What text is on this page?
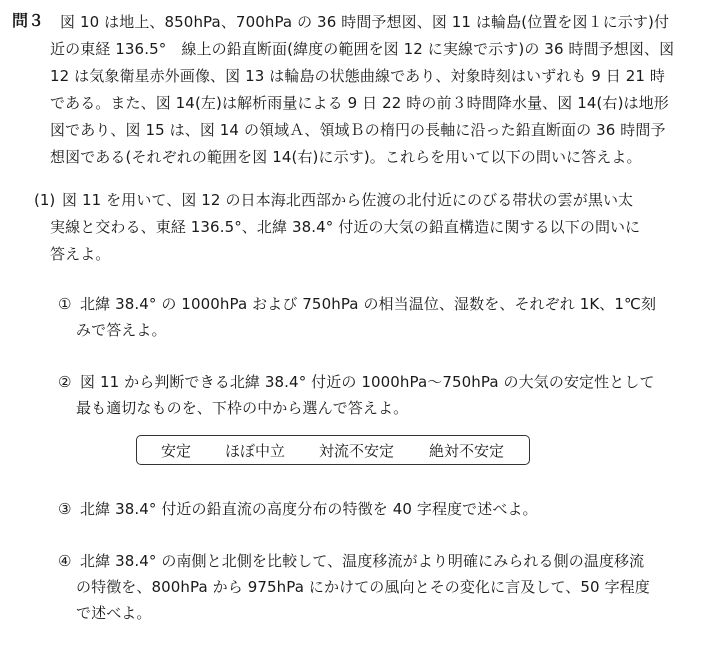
問３ 図 10 は地上、850hPa、700hPa の 36 時間予想図、図 11 は輪島(位置を図１に示す)付
近の東経 136.5°　線上の鉛直断面(緯度の範囲を図 12 に実線で示す)の 36 時間予想図、図
12 は気象衛星赤外画像、図 13 は輪島の状態曲線であり、対象時刻はいずれも 9 日 21 時
である。また、図 14(左)は解析雨量による 9 日 22 時の前３時間降水量、図 14(右)は地形
図であり、図 15 は、図 14 の領域Ａ、領域Ｂの楕円の長軸に沿った鉛直断面の 36 時間予
想図である(それぞれの範囲を図 14(右)に示す)。これらを用いて以下の問いに答えよ。
(1) 図 11 を用いて、図 12 の日本海北西部から佐渡の北付近にのびる帯状の雲が黒い太
実線と交わる、東経 136.5°、北緯 38.4° 付近の大気の鉛直構造に関する以下の問いに
答えよ。
① 北緯 38.4° の 1000hPa および 750hPa の相当温位、湿数を、それぞれ 1K、1℃刻
みで答えよ。
② 図 11 から判断できる北緯 38.4° 付近の 1000hPa～750hPa の大気の安定性として
最も適切なものを、下枠の中から選んで答えよ。
安定 ほぼ中立 対流不安定 絶対不安定
③ 北緯 38.4° 付近の鉛直流の高度分布の特徴を 40 字程度で述べよ。
④ 北緯 38.4° の南側と北側を比較して、温度移流がより明確にみられる側の温度移流
の特徴を、800hPa から 975hPa にかけての風向とその変化に言及して、50 字程度
で述べよ。
